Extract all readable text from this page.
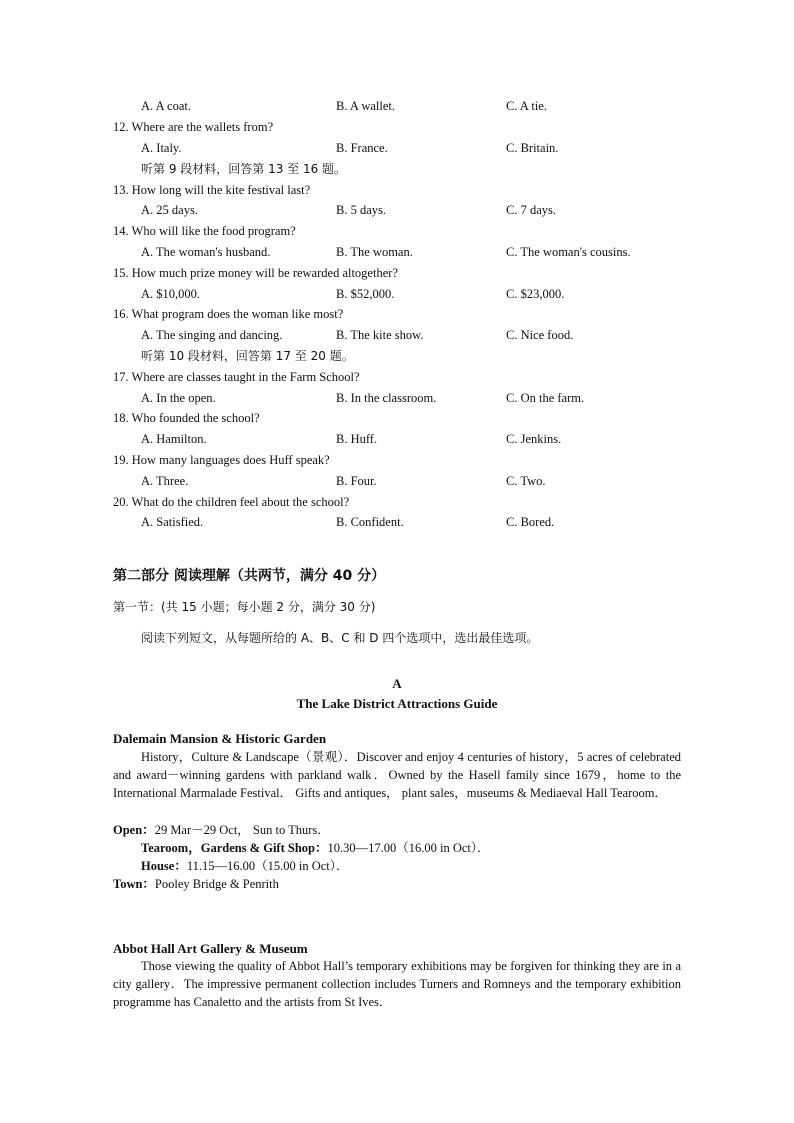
A. A coat.	B. A wallet.	C. A tie.
12. Where are the wallets from?
A. Italy.	B. France.	C. Britain.
听第 9 段材料，回答第 13 至 16 题。
13. How long will the kite festival last?
A. 25 days.	B. 5 days.	C. 7 days.
14. Who will like the food program?
A. The woman's husband.	B. The woman.	C. The woman's cousins.
15. How much prize money will be rewarded altogether?
A. $10,000.	B. $52,000.	C. $23,000.
16. What program does the woman like most?
A. The singing and dancing.	B. The kite show.	C. Nice food.
听第 10 段材料，回答第 17 至 20 题。
17. Where are classes taught in the Farm School?
A. In the open.	B. In the classroom.	C. On the farm.
18. Who founded the school?
A. Hamilton.	B. Huff.	C. Jenkins.
19. How many languages does Huff speak?
A. Three.	B. Four.	C. Two.
20. What do the children feel about the school?
A. Satisfied.	B. Confident.	C. Bored.
第二部分 阅读理解（共两节，满分 40 分）
第一节：(共 15 小题；每小题 2 分，满分 30 分)
阅读下列短文，从每题所给的 A、B、C 和 D 四个选项中，选出最佳选项。
A
The Lake District Attractions Guide
Dalemain Mansion & Historic Garden
History，Culture & Landscape（景观）．Discover and enjoy 4 centuries of history，5 acres of celebrated and award－winning gardens with parkland walk．Owned by the Hasell family since 1679，home to the International Marmalade Festival． Gifts and antiques， plant sales，museums & Mediaeval Hall Tearoom．
Open：29 Mar－29 Oct， Sun to Thurs．
Tearoom，Gardens & Gift Shop：10.30—17.00（16.00 in Oct）．
House：11.15—16.00（15.00 in Oct）．
Town：Pooley Bridge & Penrith
Abbot Hall Art Gallery & Museum
Those viewing the quality of Abbot Hall’s temporary exhibitions may be forgiven for thinking they are in a city gallery．The impressive permanent collection includes Turners and Romneys and the temporary exhibition programme has Canaletto and the artists from St Ives．
